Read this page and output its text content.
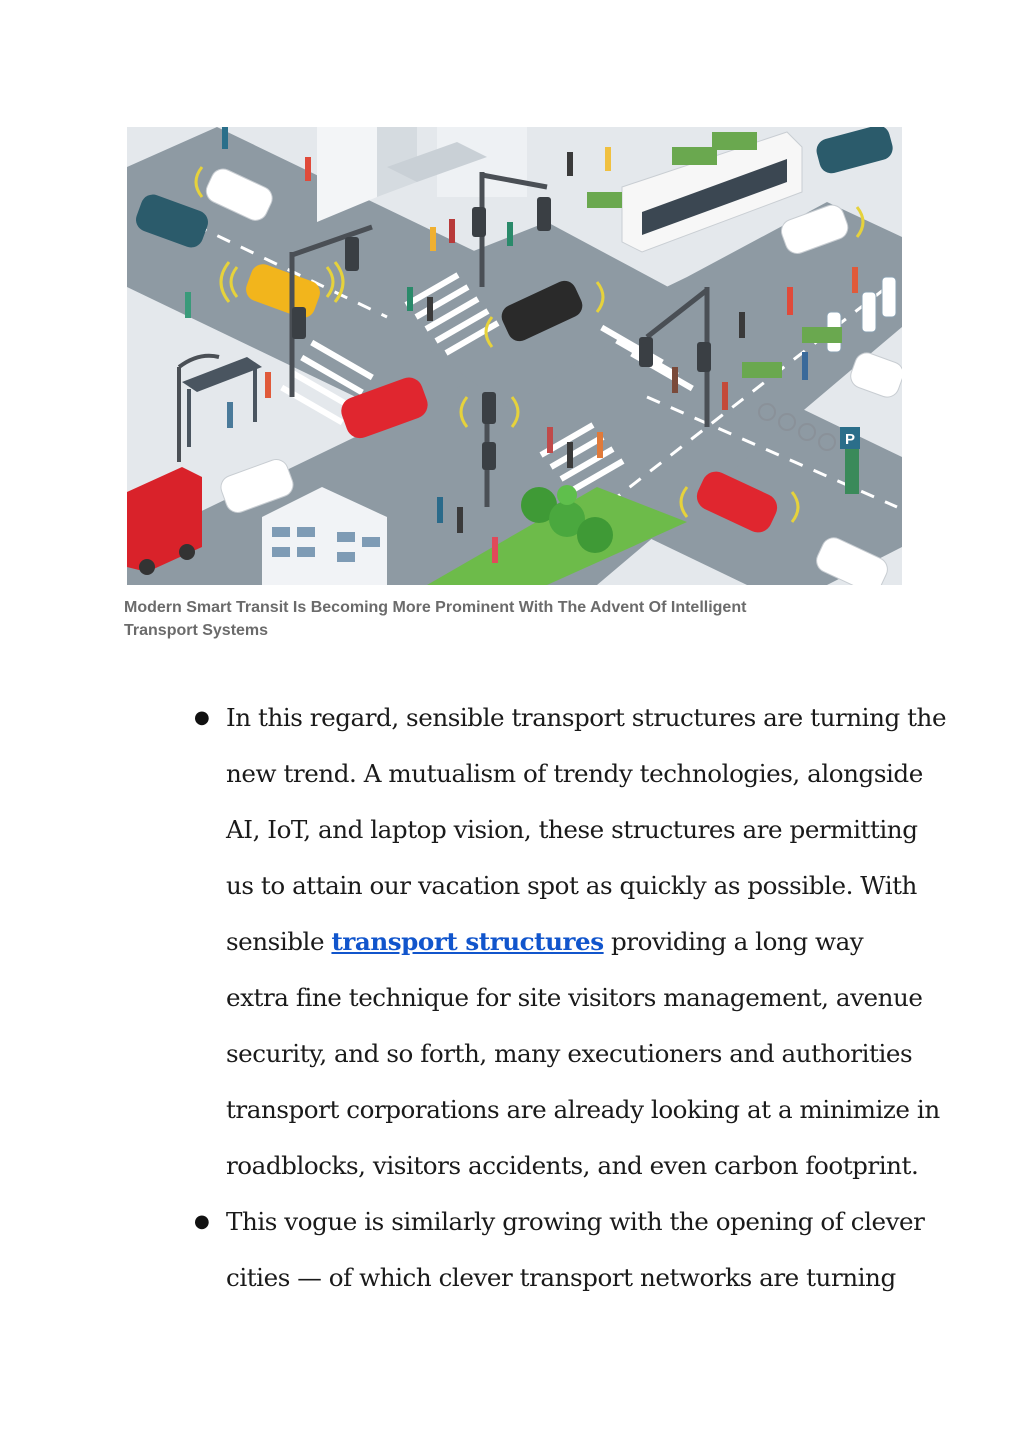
P
Modern Smart Transit Is Becoming More Prominent With The Advent Of Intelligent
Transport Systems
● In this regard, sensible transport structures are turning the
new trend. A mutualism of trendy technologies, alongside
AI, IoT, and laptop vision, these structures are permitting
us to attain our vacation spot as quickly as possible. With
sensible transport structures providing a long way
extra fine technique for site visitors management, avenue
security, and so forth, many executioners and authorities
transport corporations are already looking at a minimize in
roadblocks, visitors accidents, and even carbon footprint.
● This vogue is similarly growing with the opening of clever
cities — of which clever transport networks are turning
